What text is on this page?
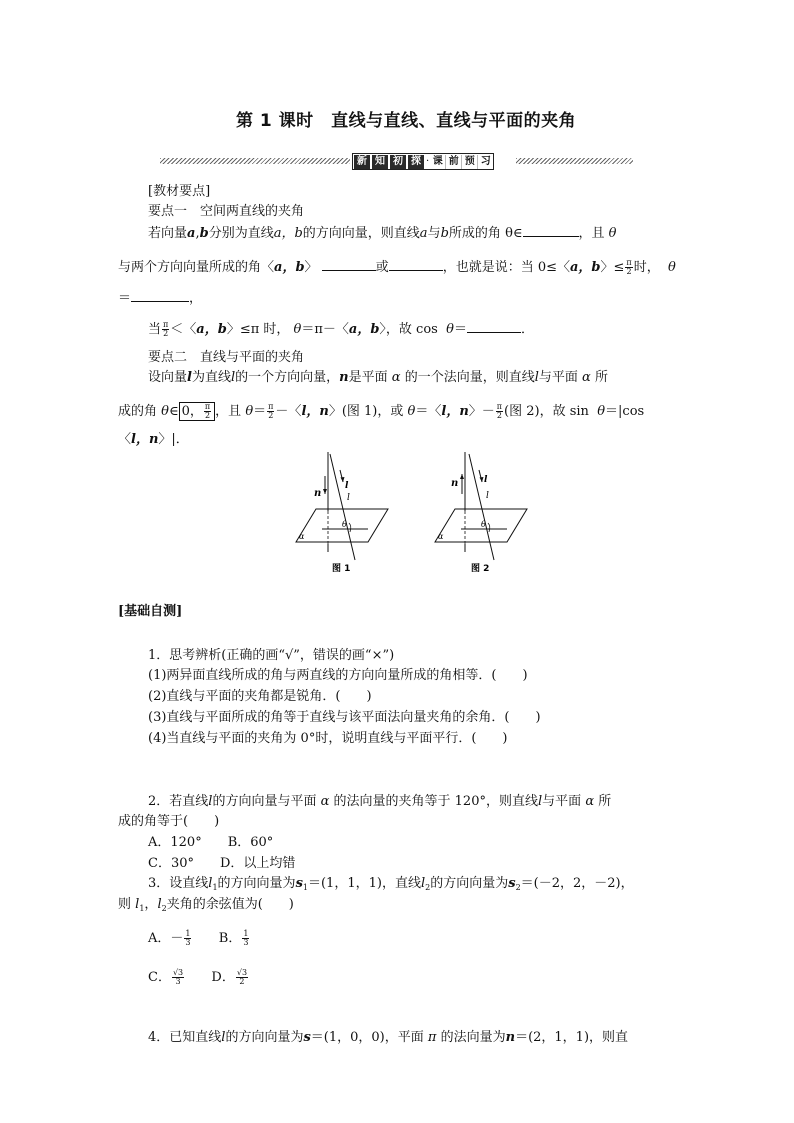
第 1 课时　直线与直线、直线与平面的夹角
新 知 初 探 · 课 前 预 习
[教材要点]
要点一　空间两直线的夹角
若向量a,b分别为直线a，b的方向向量，则直线a与b所成的角 θ∈	，且 θ
与两个方向向量所成的角〈a，b〉	或	，也就是说：当 0≤〈a，b〉≤ $\frac{\pi}{2}$ 时， θ
＝	，
当 $\frac{\pi}{2}$ ＜〈a，b〉≤π 时， θ＝π－〈a，b〉，故 cos θ＝	．
要点二　直线与平面的夹角
设向量l为直线l的一个方向向量，n是平面 α 的一个法向量，则直线l与平面 α 所
成的角 θ∈ 0， $\frac{\pi}{2}$ ，且 $\theta= \frac{\pi}{2}$ －〈l，n〉(图 1)，或 θ＝〈l，n〉－ $\frac{\pi}{2}$ (图 2)，故 sin θ＝|cos
〈l，n〉|．
n
l
l
θ
α
图 1
n	l
l
θ
α
图 2
[基础自测]
1．思考辨析(正确的画“√”，错误的画“×”)
(1)两异面直线所成的角与两直线的方向向量所成的角相等．(　　)
(2)直线与平面的夹角都是锐角．(　　)
(3)直线与平面所成的角等于直线与该平面法向量夹角的余角．(　　)
(4)当直线与平面的夹角为 0°时，说明直线与平面平行．(　　)
2．若直线l的方向向量与平面 α 的法向量的夹角等于 120°，则直线l与平面 α 所
成的角等于(　　)
A．120°　　B．60°
C．30°　　D．以上均错
3．设直线$l_1$的方向向量为$s_1=(1$，1，1)，直线$l_2$的方向向量为$s_2=(-2$，2，－2)，
则 $l_1$，$l_2$夹角的余弦值为(　　)
A．－ $\frac{1}{3}$ B． $\frac{1}{3}$
C． $\frac{√3}{3}$ D． $\frac{√3}{2}$
4．已知直线l的方向向量为s＝(1，0，0)，平面 π 的法向量为n＝(2，1，1)，则直
